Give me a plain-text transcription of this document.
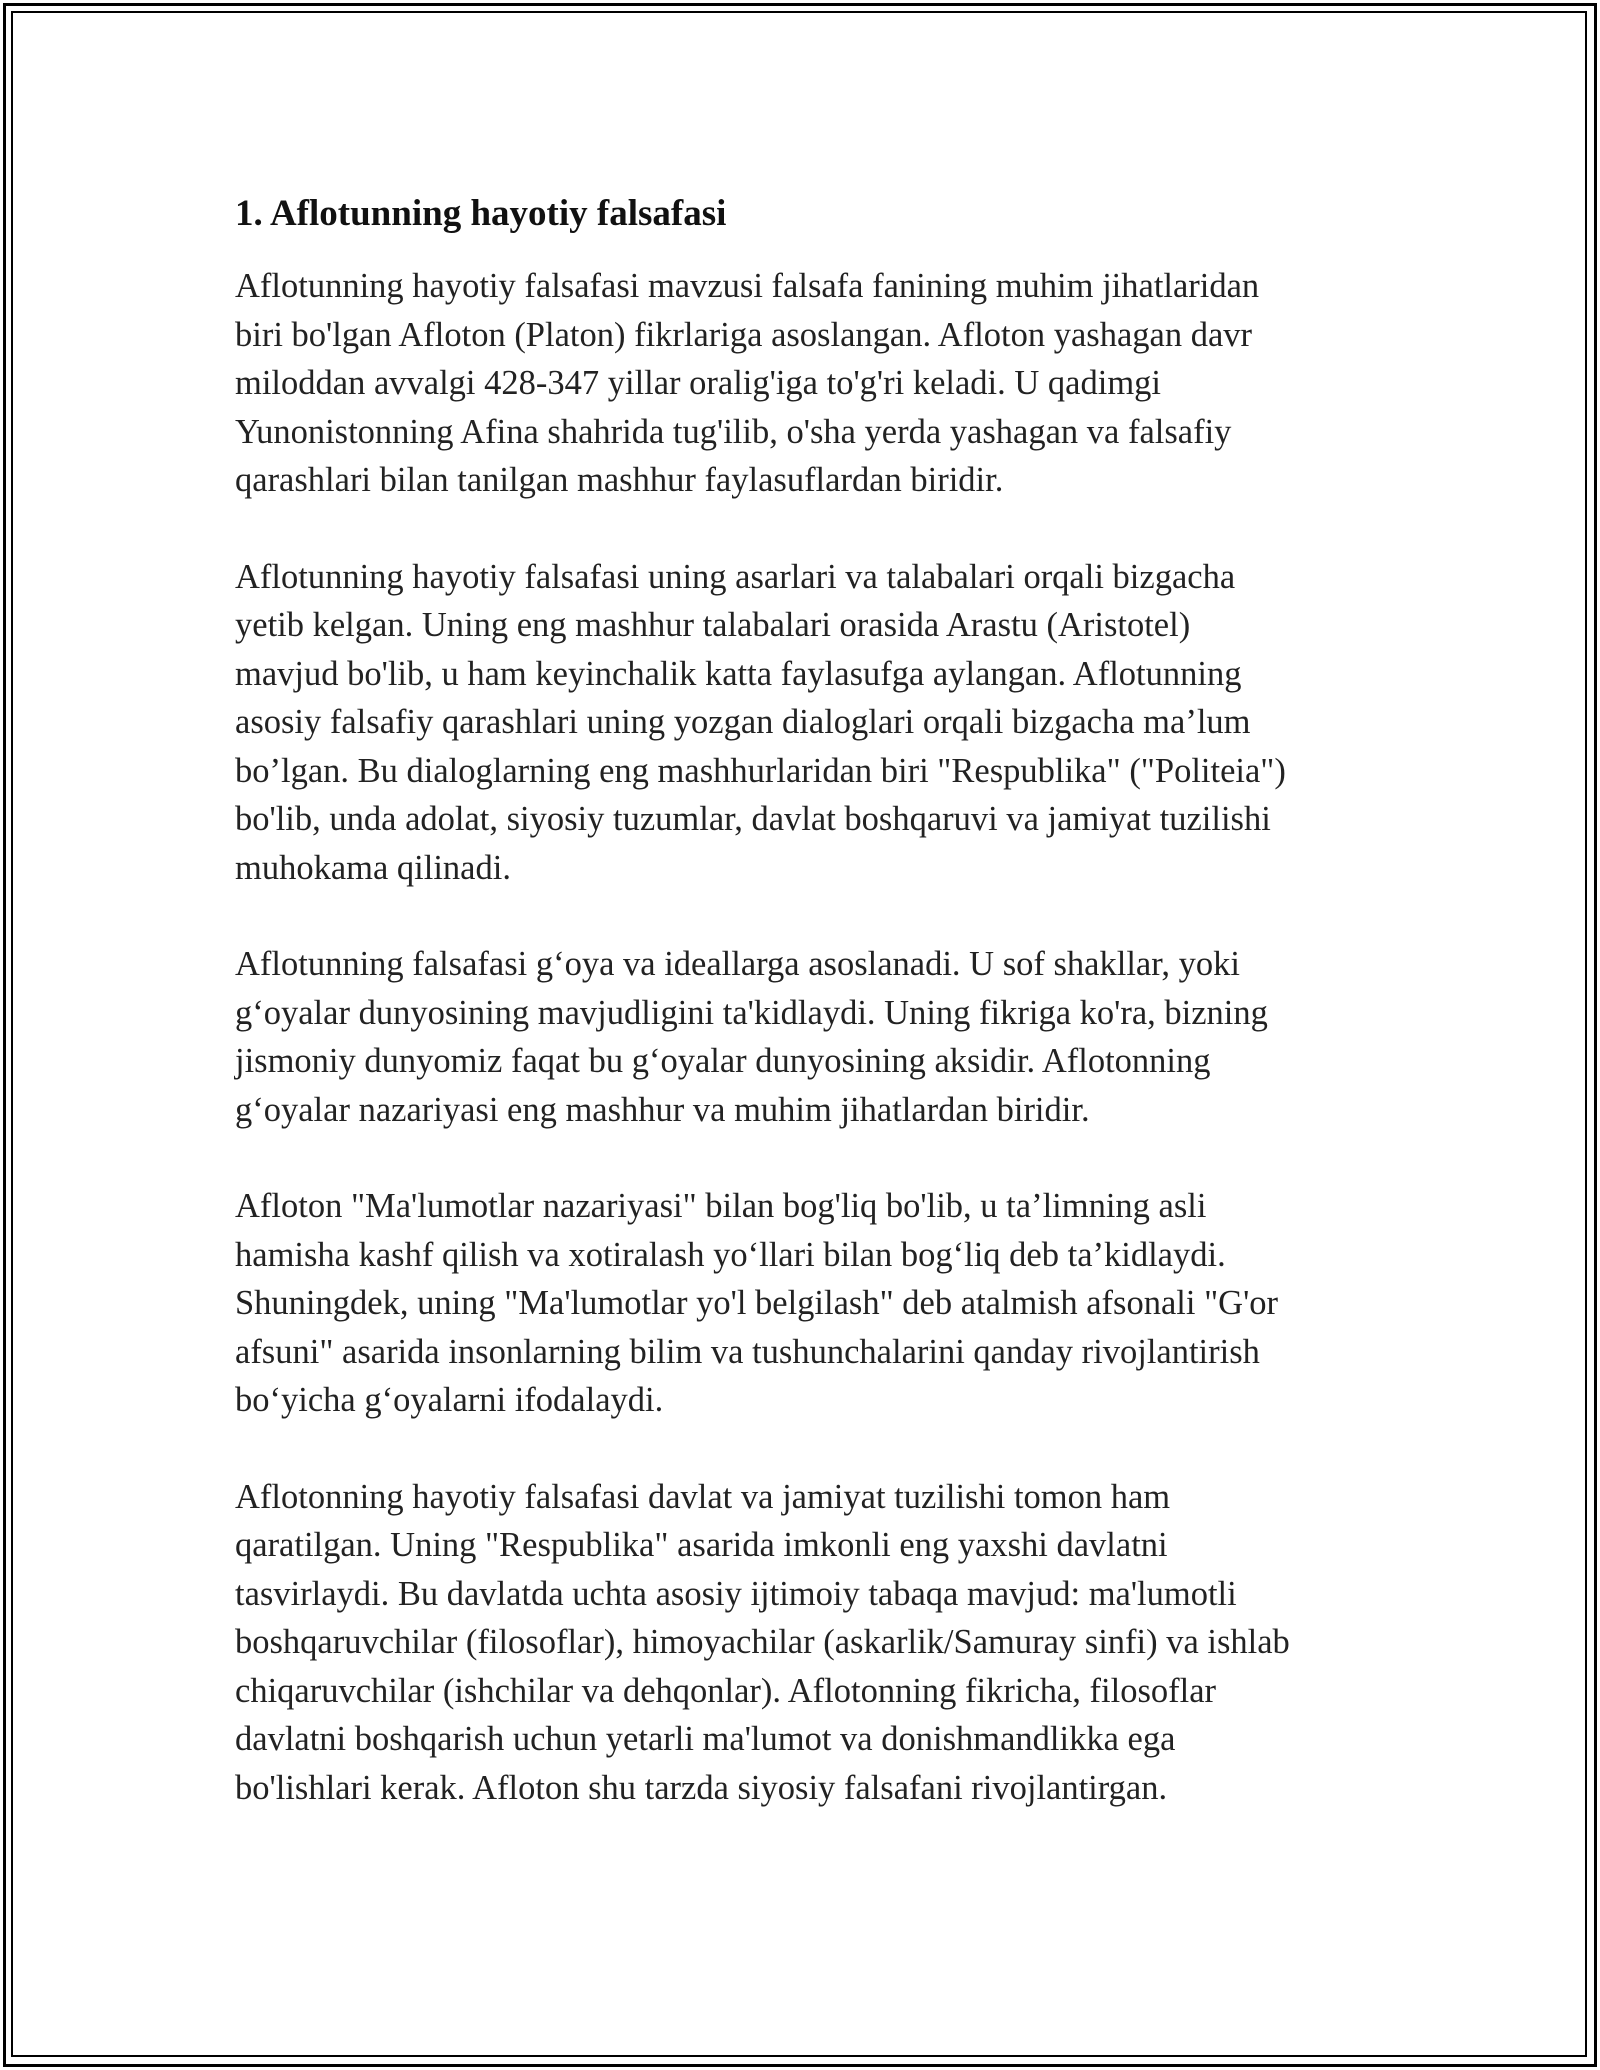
1. Aflotunning hayotiy falsafasi

Aflotunning hayotiy falsafasi mavzusi falsafa fanining muhim jihatlaridan
biri bo'lgan Afloton (Platon) fikrlariga asoslangan. Afloton yashagan davr
miloddan avvalgi 428-347 yillar oralig'iga to'g'ri keladi. U qadimgi
Yunonistonning Afina shahrida tug'ilib, o'sha yerda yashagan va falsafiy
qarashlari bilan tanilgan mashhur faylasuflardan biridir.

Aflotunning hayotiy falsafasi uning asarlari va talabalari orqali bizgacha
yetib kelgan. Uning eng mashhur talabalari orasida Arastu (Aristotel)
mavjud bo'lib, u ham keyinchalik katta faylasufga aylangan. Aflotunning
asosiy falsafiy qarashlari uning yozgan dialoglari orqali bizgacha ma’lum
bo’lgan. Bu dialoglarning eng mashhurlaridan biri "Respublika" ("Politeia")
bo'lib, unda adolat, siyosiy tuzumlar, davlat boshqaruvi va jamiyat tuzilishi
muhokama qilinadi.

Aflotunning falsafasi g‘oya va ideallarga asoslanadi. U sof shakllar, yoki
g‘oyalar dunyosining mavjudligini ta'kidlaydi. Uning fikriga ko'ra, bizning
jismoniy dunyomiz faqat bu g‘oyalar dunyosining aksidir. Aflotonning
g‘oyalar nazariyasi eng mashhur va muhim jihatlardan biridir.

Afloton "Ma'lumotlar nazariyasi" bilan bog'liq bo'lib, u ta’limning asli
hamisha kashf qilish va xotiralash yo‘llari bilan bog‘liq deb ta’kidlaydi.
Shuningdek, uning "Ma'lumotlar yo'l belgilash" deb atalmish afsonali "G'or
afsuni" asarida insonlarning bilim va tushunchalarini qanday rivojlantirish
bo‘yicha g‘oyalarni ifodalaydi.

Aflotonning hayotiy falsafasi davlat va jamiyat tuzilishi tomon ham
qaratilgan. Uning "Respublika" asarida imkonli eng yaxshi davlatni
tasvirlaydi. Bu davlatda uchta asosiy ijtimoiy tabaqa mavjud: ma'lumotli
boshqaruvchilar (filosoflar), himoyachilar (askarlik/Samuray sinfi) va ishlab
chiqaruvchilar (ishchilar va dehqonlar). Aflotonning fikricha, filosoflar
davlatni boshqarish uchun yetarli ma'lumot va donishmandlikka ega
bo'lishlari kerak. Afloton shu tarzda siyosiy falsafani rivojlantirgan.
